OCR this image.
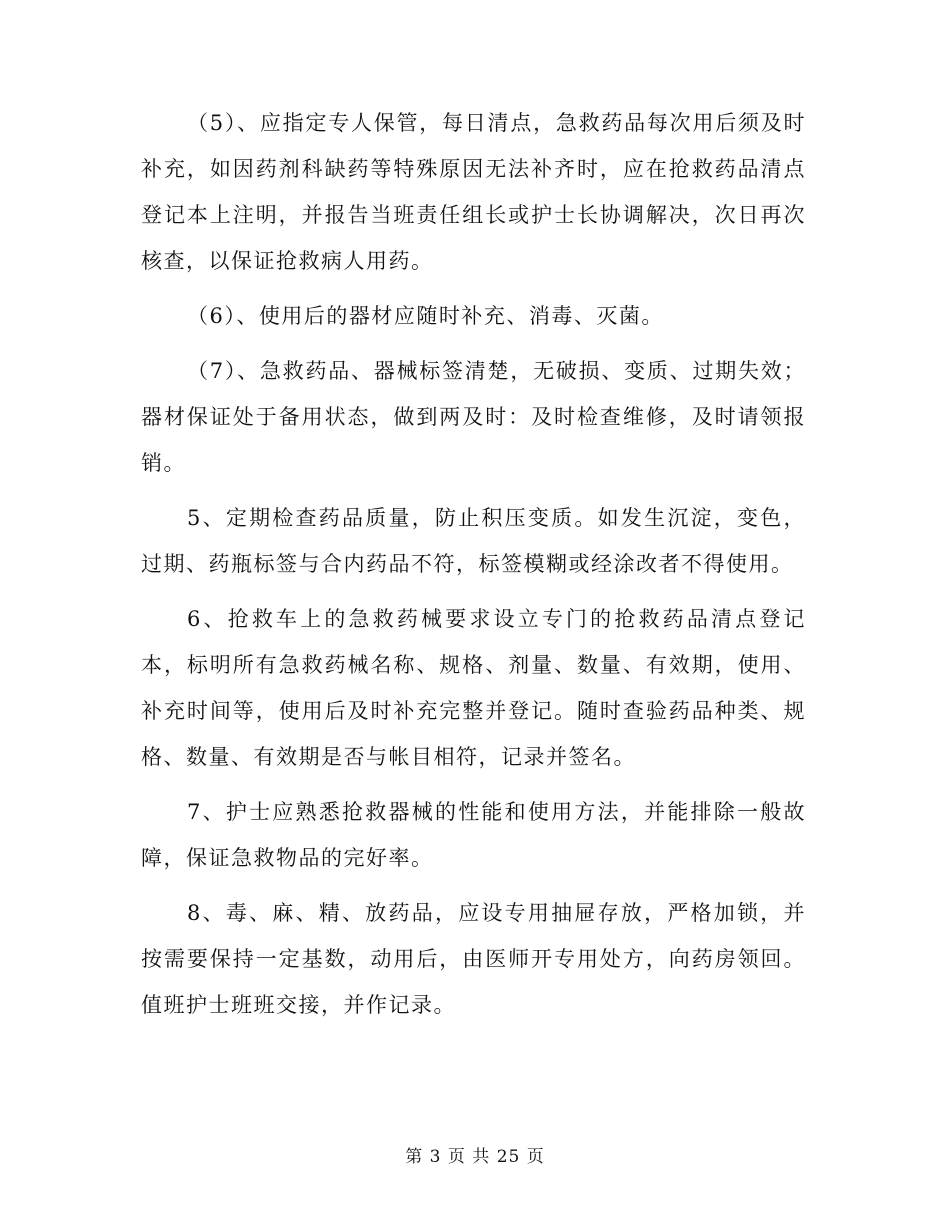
（5）、应指定专人保管，每日清点，急救药品每次用后须及时补充，如因药剂科缺药等特殊原因无法补齐时，应在抢救药品清点登记本上注明，并报告当班责任组长或护士长协调解决，次日再次核查，以保证抢救病人用药。

（6）、使用后的器材应随时补充、消毒、灭菌。

（7）、急救药品、器械标签清楚，无破损、变质、过期失效；器材保证处于备用状态，做到两及时：及时检查维修，及时请领报销。

5、定期检查药品质量，防止积压变质。如发生沉淀，变色，过期、药瓶标签与合内药品不符，标签模糊或经涂改者不得使用。

6、抢救车上的急救药械要求设立专门的抢救药品清点登记本，标明所有急救药械名称、规格、剂量、数量、有效期，使用、补充时间等，使用后及时补充完整并登记。随时查验药品种类、规格、数量、有效期是否与帐目相符，记录并签名。

7、护士应熟悉抢救器械的性能和使用方法，并能排除一般故障，保证急救物品的完好率。

8、毒、麻、精、放药品，应设专用抽屉存放，严格加锁，并按需要保持一定基数，动用后，由医师开专用处方，向药房领回。值班护士班班交接，并作记录。

第 3 页 共 25 页
